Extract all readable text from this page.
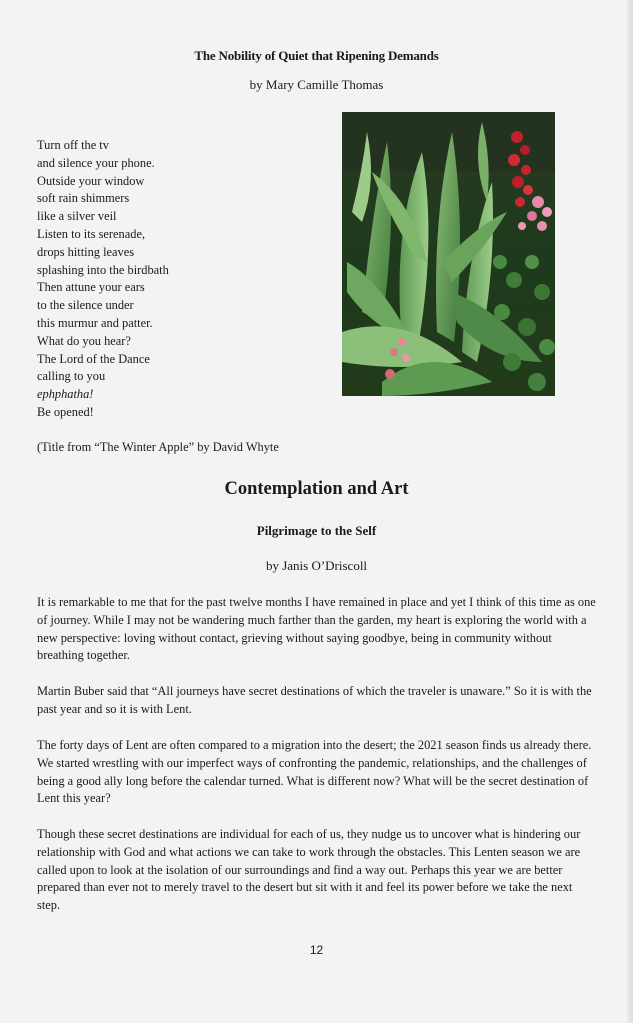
The Nobility of Quiet that Ripening Demands
by Mary Camille Thomas
Turn off the tv
and silence your phone.
Outside your window
soft rain shimmers
like a silver veil
Listen to its serenade,
drops hitting leaves
splashing into the birdbath
Then attune your ears
to the silence under
this murmur and patter.
What do you hear?
The Lord of the Dance
calling to you
ephphatha!
Be opened!
(Title from “The Winter Apple” by David Whyte
Contemplation and Art
Pilgrimage to the Self
by Janis O’Driscoll
It is remarkable to me that for the past twelve months I have remained in place and yet I think of this time as one of journey. While I may not be wandering much farther than the garden, my heart is exploring the world with a new perspective: loving without contact, grieving without saying goodbye, being in community without breathing together.
Martin Buber said that “All journeys have secret destinations of which the traveler is unaware.” So it is with the past year and so it is with Lent.
The forty days of Lent are often compared to a migration into the desert; the 2021 season finds us already there. We started wrestling with our imperfect ways of confronting the pandemic, relationships, and the challenges of being a good ally long before the calendar turned. What is different now? What will be the secret destination of Lent this year?
Though these secret destinations are individual for each of us, they nudge us to uncover what is hindering our relationship with God and what actions we can take to work through the obstacles. This Lenten season we are called upon to look at the isolation of our surroundings and find a way out. Perhaps this year we are better prepared than ever not to merely travel to the desert but sit with it and feel its power before we take the next step.
12
